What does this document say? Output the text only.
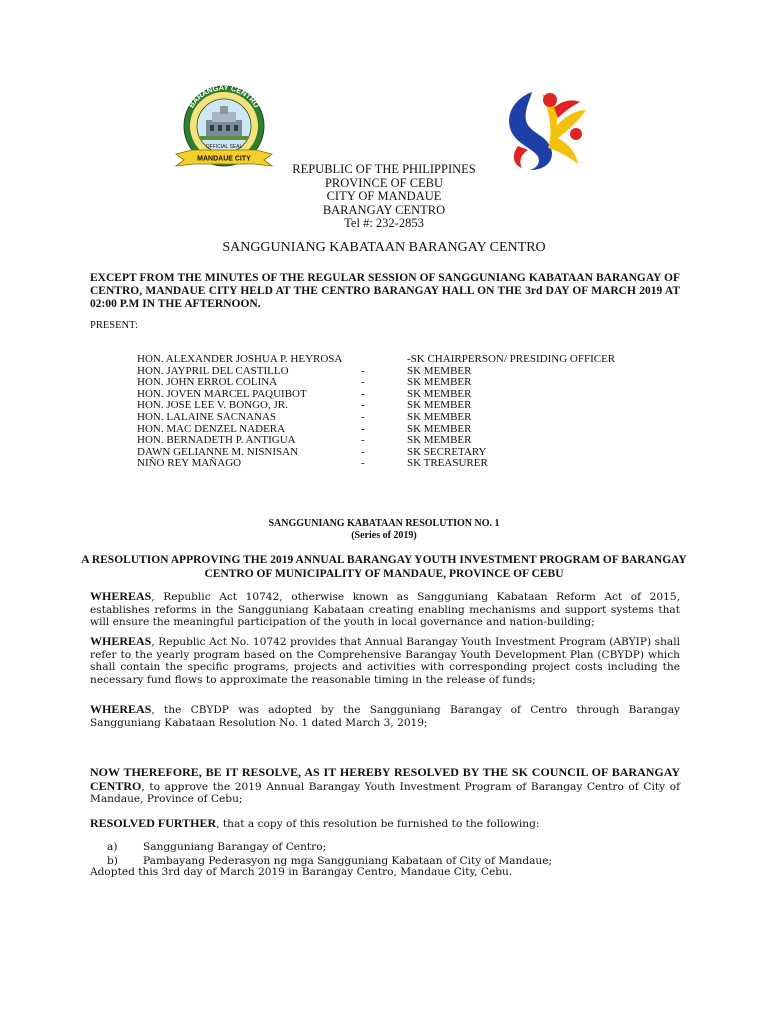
BARANGAY CENTRO
OFFICIAL SEAL
MANDAUE CITY
REPUBLIC OF THE PHILIPPINES
PROVINCE OF CEBU
CITY OF MANDAUE
BARANGAY CENTRO
Tel #: 232-2853
SANGGUNIANG KABATAAN BARANGAY CENTRO
EXCEPT FROM THE MINUTES OF THE REGULAR SESSION OF SANGGUNIANG KABATAAN BARANGAY OF CENTRO, MANDAUE CITY HELD AT THE CENTRO BARANGAY HALL ON THE 3rd DAY OF MARCH 2019 AT 02:00 P.M IN THE AFTERNOON.
PRESENT:
HON. ALEXANDER JOSHUA P. HEYROSA	-SK CHAIRPERSON/ PRESIDING OFFICER
HON. JAYPRIL DEL CASTILLO	-	SK MEMBER
HON. JOHN ERROL COLINA	-	SK MEMBER
HON. JOVEN MARCEL PAQUIBOT	-	SK MEMBER
HON. JOSE LEE V. BONGO, JR.	-	SK MEMBER
HON. LALAINE SACNANAS	-	SK MEMBER
HON. MAC DENZEL NADERA	-	SK MEMBER
HON. BERNADETH P. ANTIGUA	-	SK MEMBER
DAWN GELIANNE M. NISNISAN	-	SK SECRETARY
NIÑO REY MAÑAGO	-	SK TREASURER
SANGGUNIANG KABATAAN RESOLUTION NO. 1
(Series of 2019)
A RESOLUTION APPROVING THE 2019 ANNUAL BARANGAY YOUTH INVESTMENT PROGRAM OF BARANGAY CENTRO OF MUNICIPALITY OF MANDAUE, PROVINCE OF CEBU
WHEREAS, Republic Act 10742, otherwise known as Sangguniang Kabataan Reform Act of 2015, establishes reforms in the Sangguniang Kabataan creating enabling mechanisms and support systems that will ensure the meaningful participation of the youth in local governance and nation-building;
WHEREAS, Republic Act No. 10742 provides that Annual Barangay Youth Investment Program (ABYIP) shall refer to the yearly program based on the Comprehensive Barangay Youth Development Plan (CBYDP) which shall contain the specific programs, projects and activities with corresponding project costs including the necessary fund flows to approximate the reasonable timing in the release of funds;
WHEREAS, the CBYDP was adopted by the Sangguniang Barangay of Centro through Barangay Sangguniang Kabataan Resolution No. 1 dated March 3, 2019;
NOW THEREFORE, BE IT RESOLVE, AS IT HEREBY RESOLVED BY THE SK COUNCIL OF BARANGAY CENTRO, to approve the 2019 Annual Barangay Youth Investment Program of Barangay Centro of City of Mandaue, Province of Cebu;
RESOLVED FURTHER, that a copy of this resolution be furnished to the following:
a) Sangguniang Barangay of Centro;
b) Pambayang Pederasyon ng mga Sangguniang Kabataan of City of Mandaue;
Adopted this 3rd day of March 2019 in Barangay Centro, Mandaue City, Cebu.
